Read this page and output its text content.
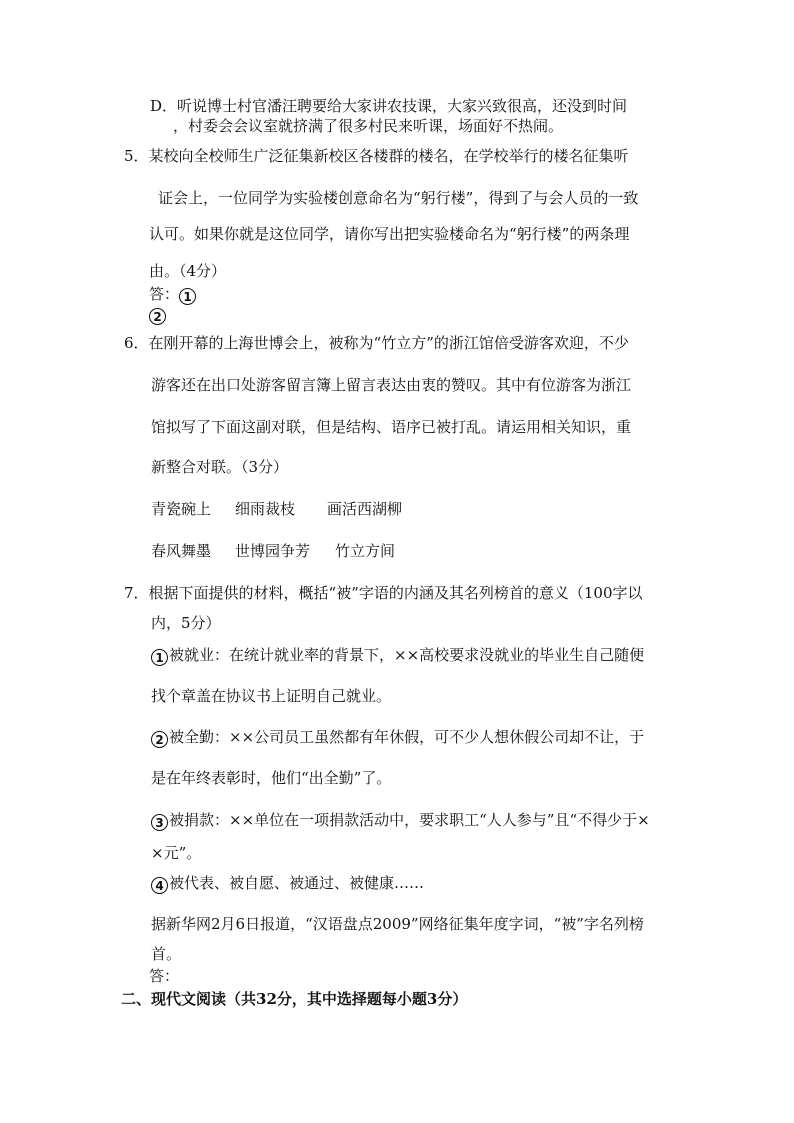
D．听说博士村官潘汪聘要给大家讲农技课，大家兴致很高，还没到时间
，村委会会议室就挤满了很多村民来听课，场面好不热闹。
5．某校向全校师生广泛征集新校区各楼群的楼名，在学校举行的楼名征集听
证会上，一位同学为实验楼创意命名为“躬行楼”，得到了与会人员的一致
认可。如果你就是这位同学，请你写出把实验楼命名为“躬行楼”的两条理
由。（4分）
答： 1
2
6．在刚开幕的上海世博会上，被称为“竹立方”的浙江馆倍受游客欢迎，不少
游客还在出口处游客留言簿上留言表达由衷的赞叹。其中有位游客为浙江
馆拟写了下面这副对联，但是结构、语序已被打乱。请运用相关知识，重
新整合对联。（3分）
青瓷碗上 细雨裁枝 画活西湖柳
春风舞墨 世博园争芳 竹立方间
7．根据下面提供的材料，概括“被”字语的内涵及其名列榜首的意义（100字以
内，5分）
1 被就业：在统计就业率的背景下，××高校要求没就业的毕业生自己随便
找个章盖在协议书上证明自己就业。
2 被全勤：××公司员工虽然都有年休假，可不少人想休假公司却不让，于
是在年终表彰时，他们“出全勤”了。
3 被捐款：××单位在一项捐款活动中，要求职工“人人参与”且“不得少于×
×元”。
4 被代表、被自愿、被通过、被健康……
据新华网2月6日报道，“汉语盘点2009”网络征集年度字词，“被”字名列榜
首。
答：
二、现代文阅读（共32分，其中选择题每小题3分）
